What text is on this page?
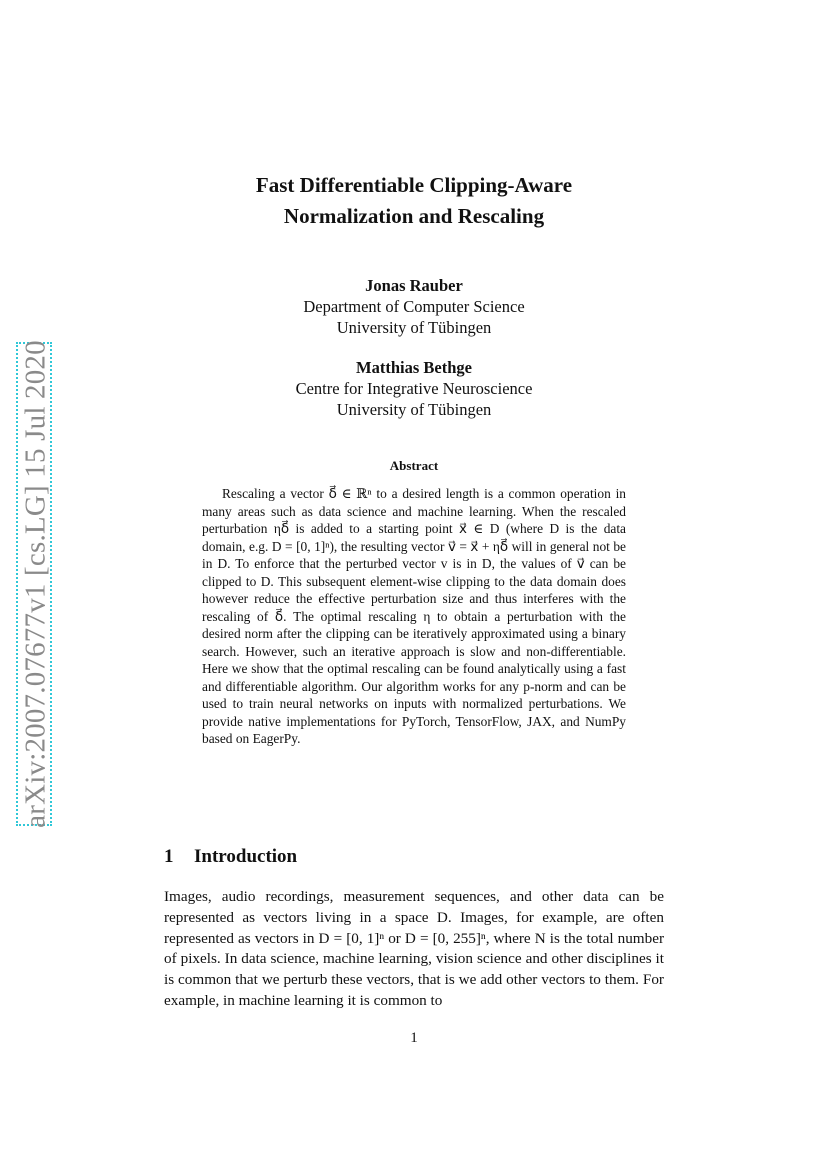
arXiv:2007.07677v1 [cs.LG] 15 Jul 2020
Fast Differentiable Clipping-Aware
Normalization and Rescaling
Jonas Rauber
Department of Computer Science
University of Tübingen
Matthias Bethge
Centre for Integrative Neuroscience
University of Tübingen
Abstract
Rescaling a vector δ⃗ ∈ ℝⁿ to a desired length is a common operation in many areas such as data science and machine learning. When the rescaled perturbation ηδ⃗ is added to a starting point x⃗ ∈ D (where D is the data domain, e.g. D = [0, 1]ⁿ), the resulting vector v⃗ = x⃗ + ηδ⃗ will in general not be in D. To enforce that the perturbed vector v is in D, the values of v⃗ can be clipped to D. This subsequent element-wise clipping to the data domain does however reduce the effective perturbation size and thus interferes with the rescaling of δ⃗. The optimal rescaling η to obtain a perturbation with the desired norm after the clipping can be iteratively approximated using a binary search. However, such an iterative approach is slow and non-differentiable. Here we show that the optimal rescaling can be found analytically using a fast and differentiable algorithm. Our algorithm works for any p-norm and can be used to train neural networks on inputs with normalized perturbations. We provide native implementations for PyTorch, TensorFlow, JAX, and NumPy based on EagerPy.
1 Introduction
Images, audio recordings, measurement sequences, and other data can be represented as vectors living in a space D. Images, for example, are often represented as vectors in D = [0, 1]ⁿ or D = [0, 255]ⁿ, where N is the total number of pixels. In data science, machine learning, vision science and other disciplines it is common that we perturb these vectors, that is we add other vectors to them. For example, in machine learning it is common to
1
